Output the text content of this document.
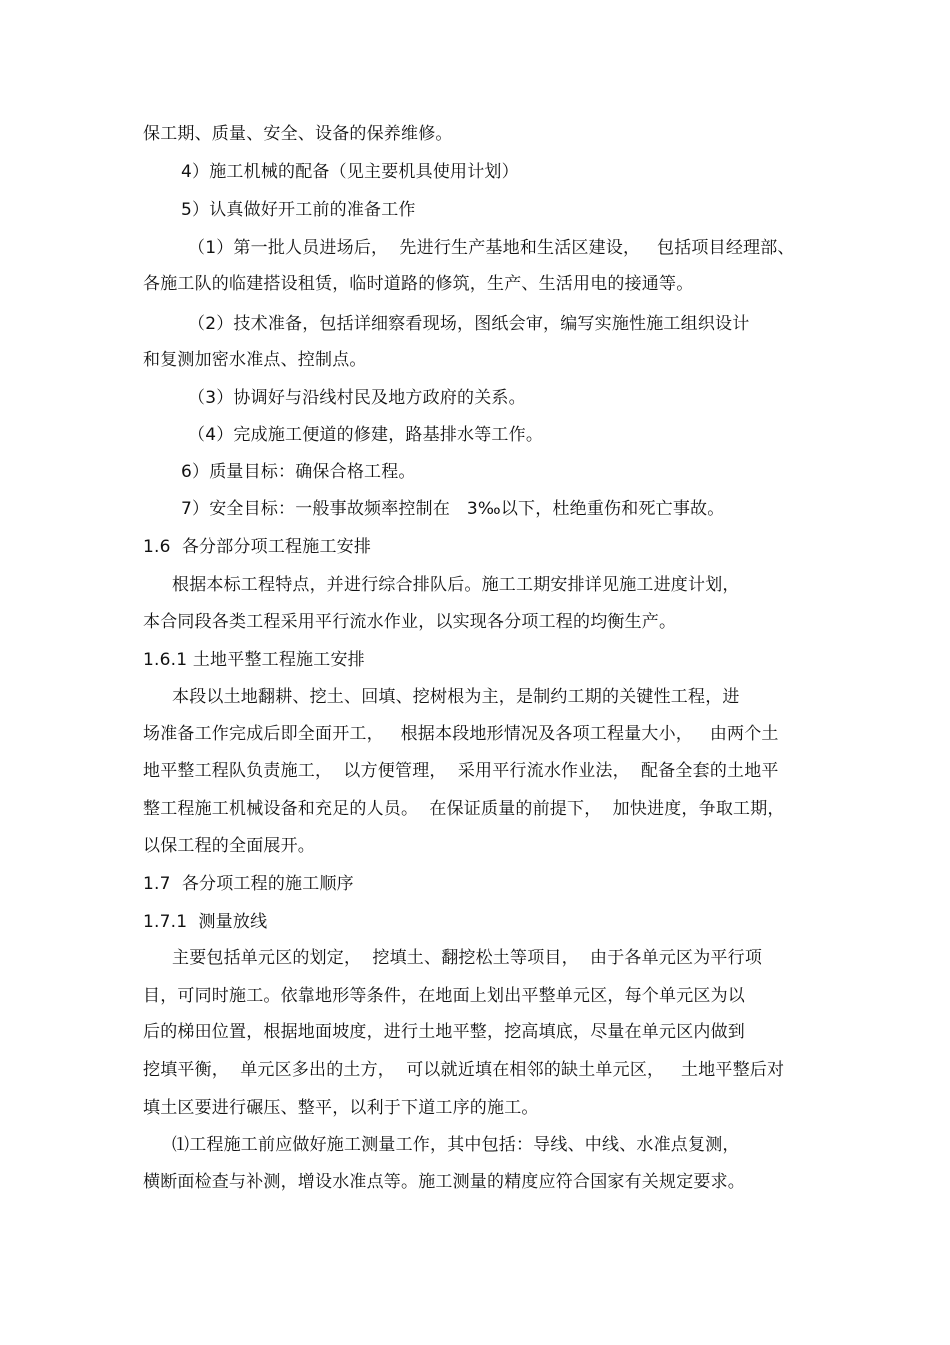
保工期、质量、安全、设备的保养维修。
4）施工机械的配备（见主要机具使用计划）
5）认真做好开工前的准备工作
（1）第一批人员进场后，  先进行生产基地和生活区建设，   包括项目经理部、
各施工队的临建搭设租赁，临时道路的修筑，生产、生活用电的接通等。
（2）技术准备，包括详细察看现场，图纸会审，编写实施性施工组织设计
和复测加密水准点、控制点。
（3）协调好与沿线村民及地方政府的关系。
（4）完成施工便道的修建，路基排水等工作。
6）质量目标：确保合格工程。
7）安全目标：一般事故频率控制在   3‰以下，杜绝重伤和死亡事故。
1.6  各分部分项工程施工安排
根据本标工程特点，并进行综合排队后。施工工期安排详见施工进度计划，
本合同段各类工程采用平行流水作业，以实现各分项工程的均衡生产。
1.6.1 土地平整工程施工安排
本段以土地翻耕、挖土、回填、挖树根为主，是制约工期的关键性工程，进
场准备工作完成后即全面开工，   根据本段地形情况及各项工程量大小，   由两个土
地平整工程队负责施工，  以方便管理，  采用平行流水作业法，  配备全套的土地平
整工程施工机械设备和充足的人员。  在保证质量的前提下，  加快进度，争取工期，
以保工程的全面展开。
1.7  各分项工程的施工顺序
1.7.1  测量放线
主要包括单元区的划定，  挖填土、翻挖松土等项目，  由于各单元区为平行项
目，可同时施工。依靠地形等条件，在地面上划出平整单元区，每个单元区为以
后的梯田位置，根据地面坡度，进行土地平整，挖高填底，尽量在单元区内做到
挖填平衡，  单元区多出的土方，  可以就近填在相邻的缺土单元区，   土地平整后对
填土区要进行碾压、整平，以利于下道工序的施工。
⑴工程施工前应做好施工测量工作，其中包括：导线、中线、水准点复测，
横断面检查与补测，增设水准点等。施工测量的精度应符合国家有关规定要求。
